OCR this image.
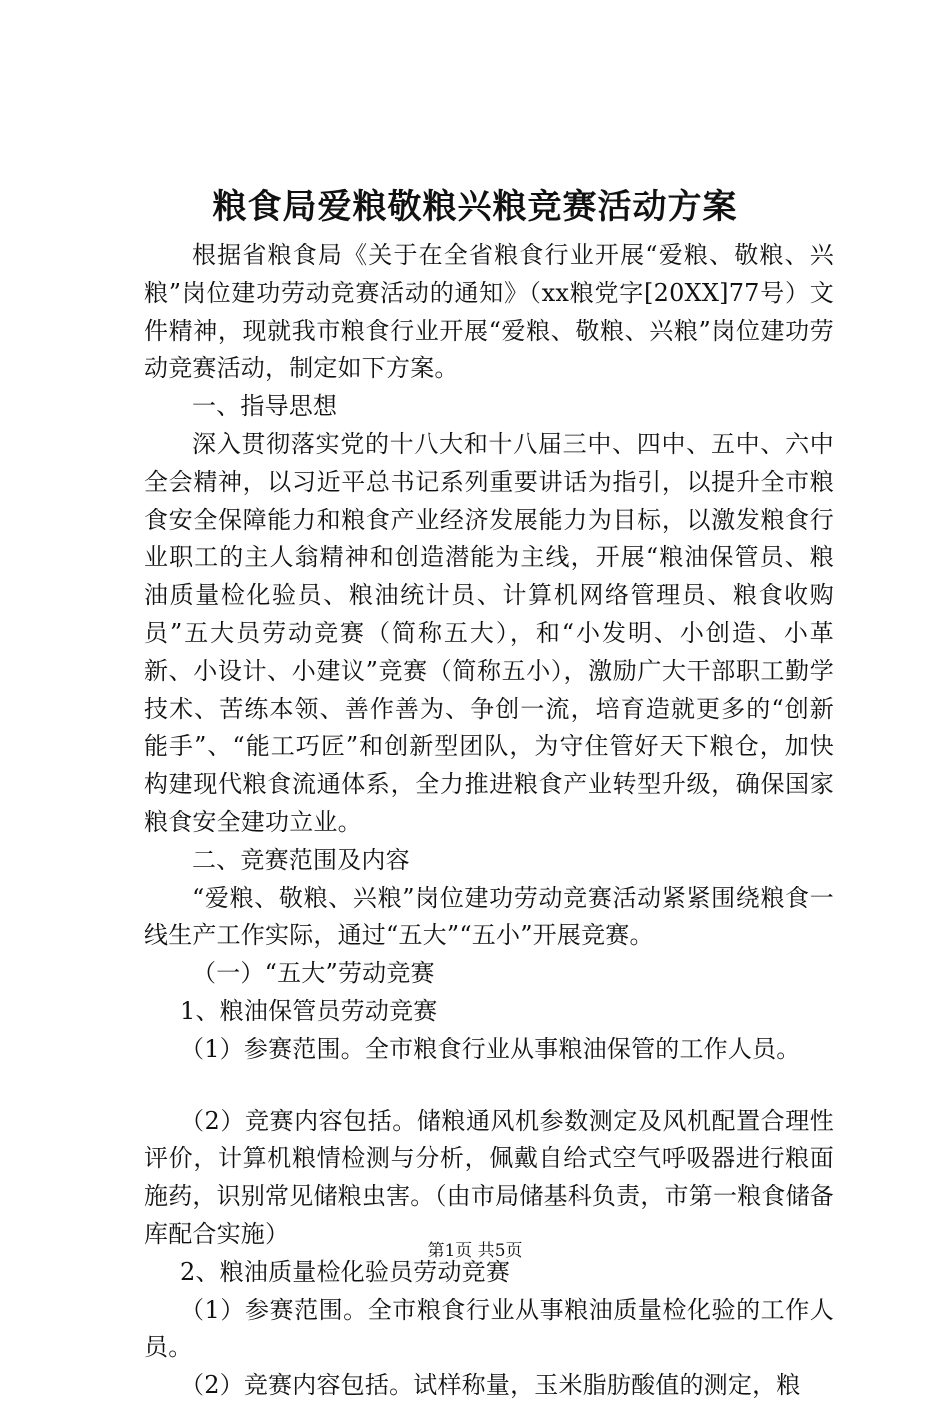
粮食局爱粮敬粮兴粮竞赛活动方案

根据省粮食局《关于在全省粮食行业开展“爱粮、敬粮、兴粮”岗位建功劳动竞赛活动的通知》（xx粮党字[20XX]77号）文件精神，现就我市粮食行业开展“爱粮、敬粮、兴粮”岗位建功劳动竞赛活动，制定如下方案。

一、指导思想

深入贯彻落实党的十八大和十八届三中、四中、五中、六中全会精神，以习近平总书记系列重要讲话为指引，以提升全市粮食安全保障能力和粮食产业经济发展能力为目标，以激发粮食行业职工的主人翁精神和创造潜能为主线，开展“粮油保管员、粮油质量检化验员、粮油统计员、计算机网络管理员、粮食收购员”五大员劳动竞赛（简称五大），和“小发明、小创造、小革新、小设计、小建议”竞赛（简称五小），激励广大干部职工勤学技术、苦练本领、善作善为、争创一流，培育造就更多的“创新能手”、“能工巧匠”和创新型团队，为守住管好天下粮仓，加快构建现代粮食流通体系，全力推进粮食产业转型升级，确保国家粮食安全建功立业。

二、竞赛范围及内容

“爱粮、敬粮、兴粮”岗位建功劳动竞赛活动紧紧围绕粮食一线生产工作实际，通过“五大”“五小”开展竞赛。

（一）“五大”劳动竞赛

1、粮油保管员劳动竞赛

（1）参赛范围。全市粮食行业从事粮油保管的工作人员。

（2）竞赛内容包括。储粮通风机参数测定及风机配置合理性评价，计算机粮情检测与分析，佩戴自给式空气呼吸器进行粮面施药，识别常见储粮虫害。（由市局储基科负责，市第一粮食储备库配合实施）

2、粮油质量检化验员劳动竞赛

（1）参赛范围。全市粮食行业从事粮油质量检化验的工作人员。

（2）竞赛内容包括。试样称量，玉米脂肪酸值的测定，粮

第1页 共5页
